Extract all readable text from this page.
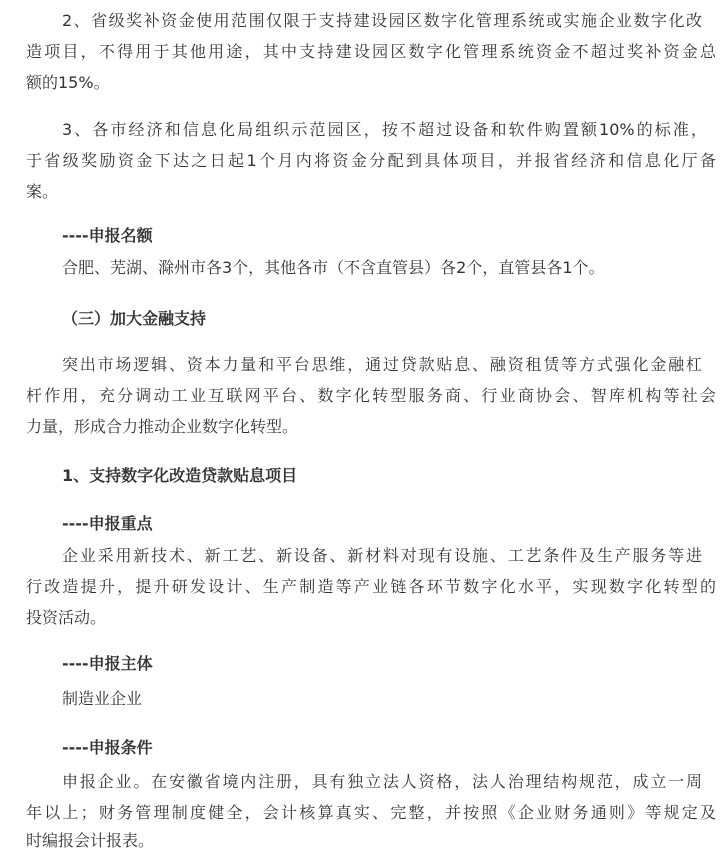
2、省级奖补资金使用范围仅限于支持建设园区数字化管理系统或实施企业数字化改
造项目，不得用于其他用途，其中支持建设园区数字化管理系统资金不超过奖补资金总
额的15%。
3、各市经济和信息化局组织示范园区，按不超过设备和软件购置额10%的标准，
于省级奖励资金下达之日起1个月内将资金分配到具体项目，并报省经济和信息化厅备
案。
----申报名额
合肥、芜湖、滁州市各3个，其他各市（不含直管县）各2个，直管县各1个。
（三）加大金融支持
突出市场逻辑、资本力量和平台思维，通过贷款贴息、融资租赁等方式强化金融杠
杆作用，充分调动工业互联网平台、数字化转型服务商、行业商协会、智库机构等社会
力量，形成合力推动企业数字化转型。
1、支持数字化改造贷款贴息项目
----申报重点
企业采用新技术、新工艺、新设备、新材料对现有设施、工艺条件及生产服务等进
行改造提升，提升研发设计、生产制造等产业链各环节数字化水平，实现数字化转型的
投资活动。
----申报主体
制造业企业
----申报条件
申报企业。在安徽省境内注册，具有独立法人资格，法人治理结构规范，成立一周
年以上；财务管理制度健全，会计核算真实、完整，并按照《企业财务通则》等规定及
时编报会计报表。
